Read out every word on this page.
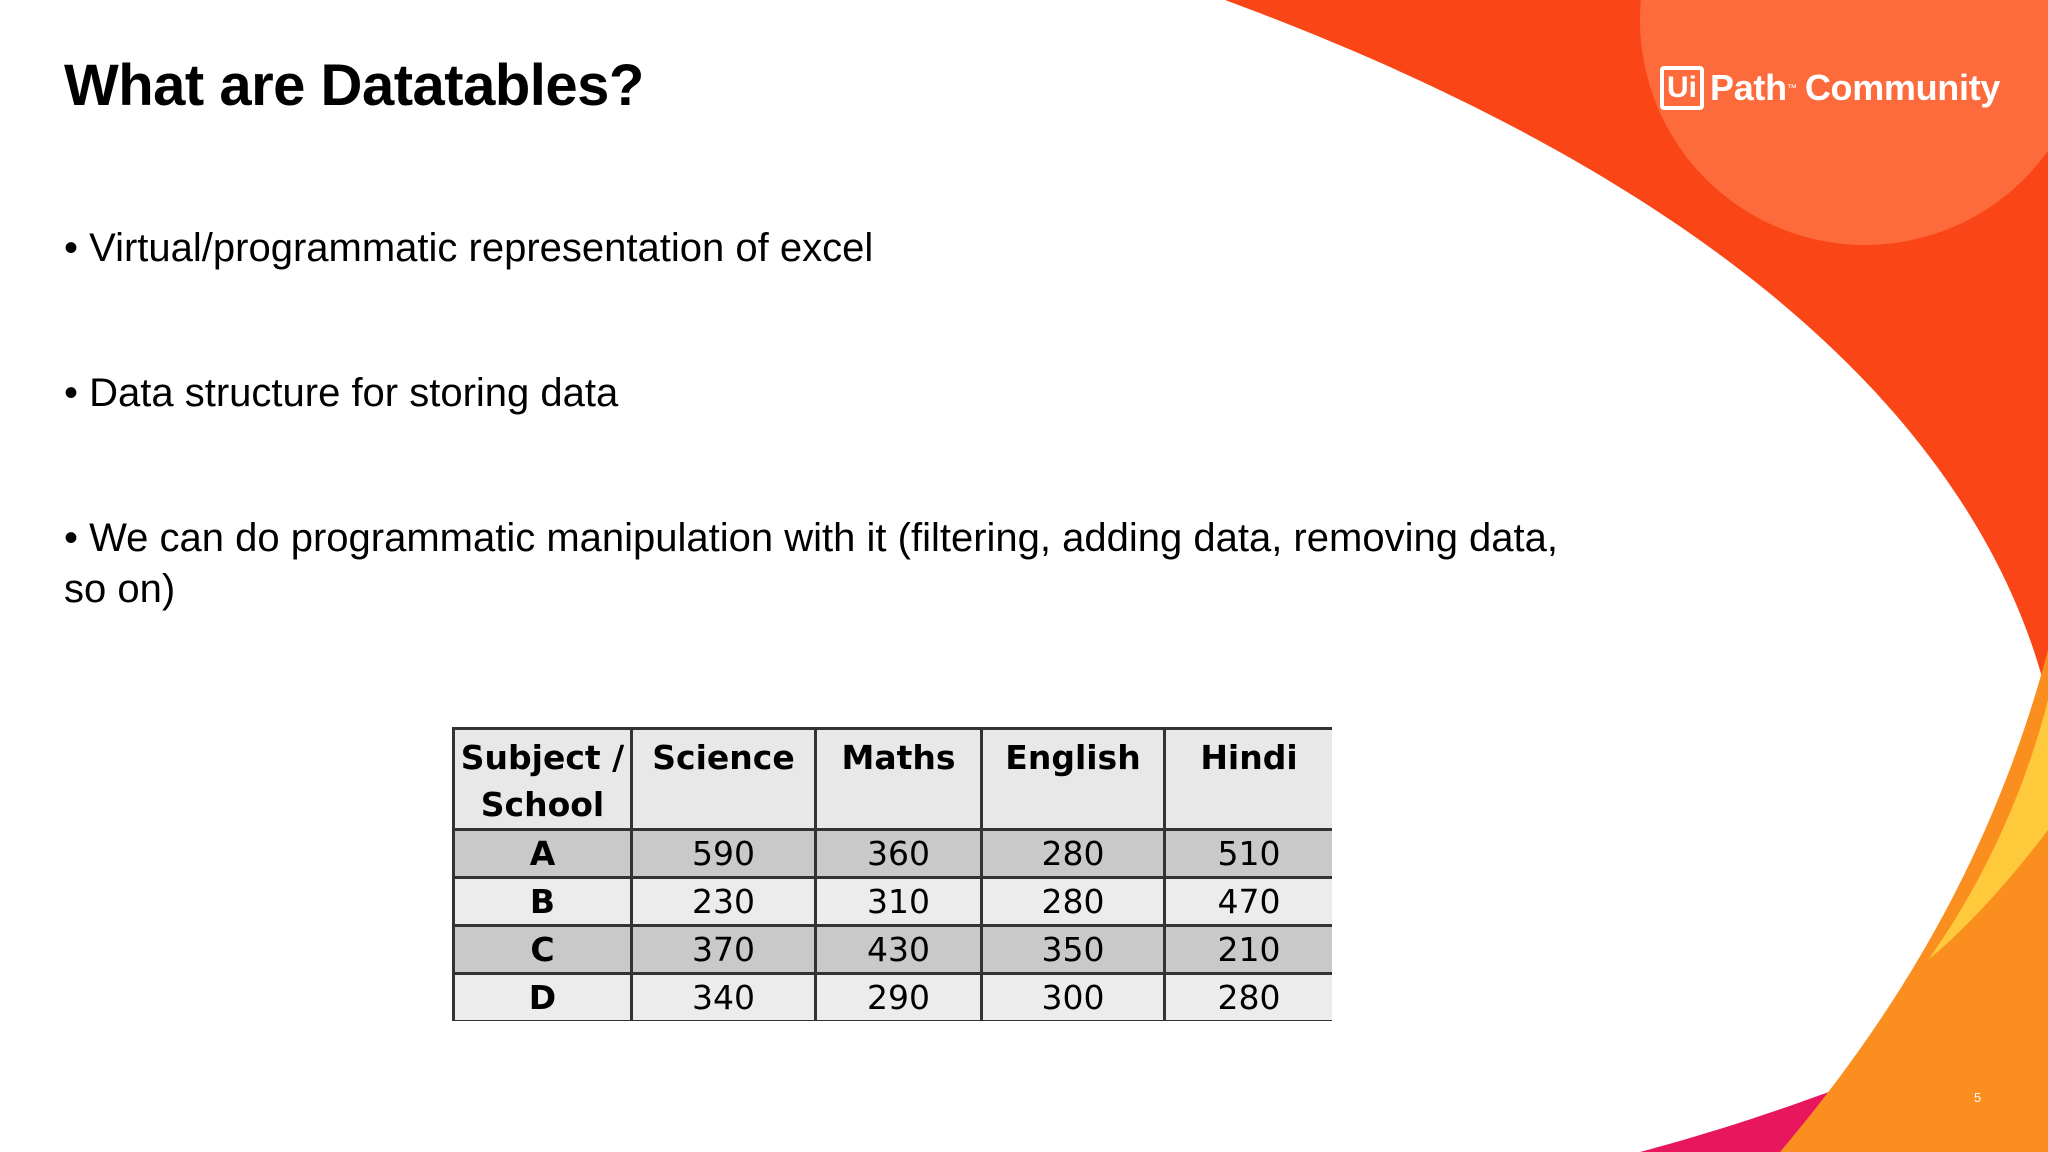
What are Datatables?

• Virtual/programmatic representation of excel

• Data structure for storing data

• We can do programmatic manipulation with it (filtering, adding data, removing data, so on)

Ui Path ™ Community
Subject / School	Science	Maths	English	Hindi
A	590	360	280	510
B	230	310	280	470
C	370	430	350	210
D	340	290	300	280
5
